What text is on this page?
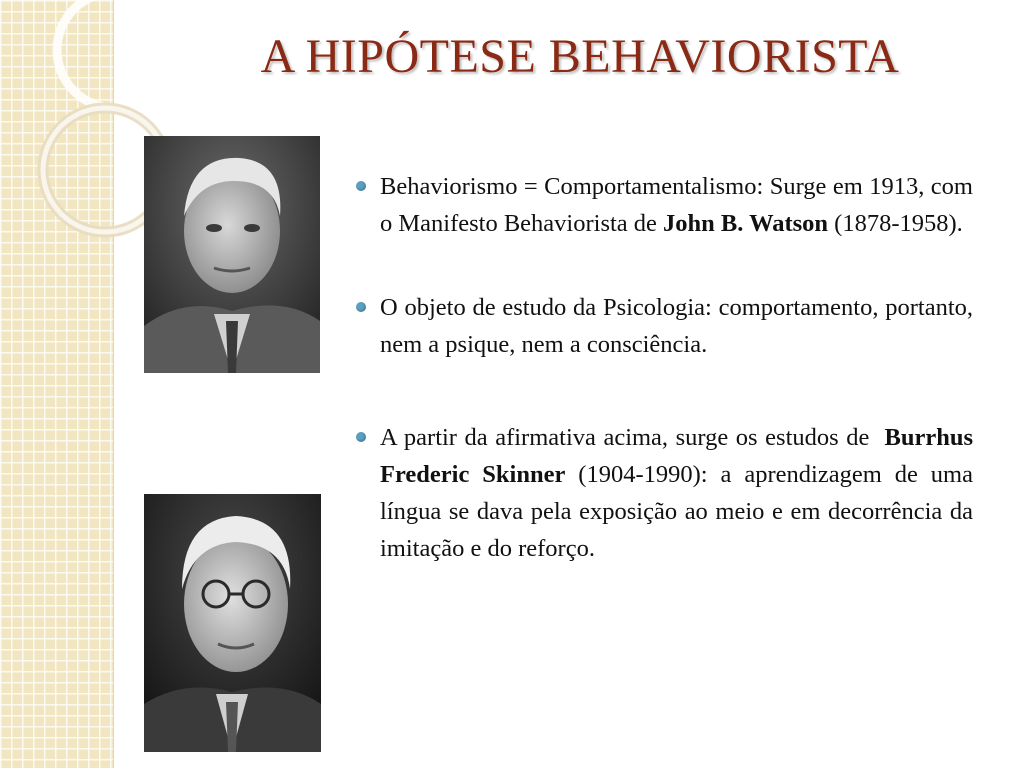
A HIPÓTESE BEHAVIORISTA
Behaviorismo = Comportamentalismo: Surge em 1913, com o Manifesto Behaviorista de John B. Watson (1878-1958).
O objeto de estudo da Psicologia: comportamento, portanto, nem a psique, nem a consciência.
A partir da afirmativa acima, surge os estudos de  Burrhus Frederic Skinner (1904-1990): a aprendizagem de uma língua se dava pela exposição ao meio e em decorrência da imitação e do reforço.
